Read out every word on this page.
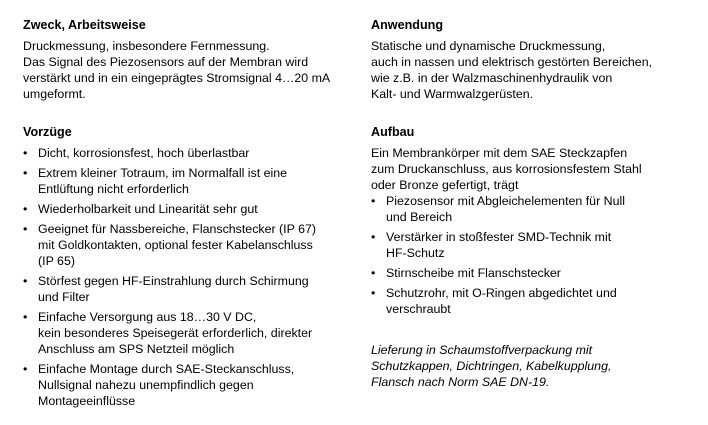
Zweck, Arbeitsweise

Druckmessung, insbesondere Fernmessung.
Das Signal des Piezosensors auf der Membran wird
verstärkt und in ein eingeprägtes Stromsignal 4…20 mA
umgeformt.

Vorzüge
• Dicht, korrosionsfest, hoch überlastbar
• Extrem kleiner Totraum, im Normalfall ist eine
Entlüftung nicht erforderlich
• Wiederholbarkeit und Linearität sehr gut
• Geeignet für Nassbereiche, Flanschstecker (IP 67)
mit Goldkontakten, optional fester Kabelanschluss
(IP 65)
• Störfest gegen HF-Einstrahlung durch Schirmung
und Filter
• Einfache Versorgung aus 18…30 V DC,
kein besonderes Speisegerät erforderlich, direkter
Anschluss am SPS Netzteil möglich
• Einfache Montage durch SAE-Steckanschluss,
Nullsignal nahezu unempfindlich gegen
Montageeinflüsse
Anwendung

Statische und dynamische Druckmessung,
auch in nassen und elektrisch gestörten Bereichen,
wie z.B. in der Walzmaschinenhydraulik von
Kalt- und Warmwalzgerüsten.

Aufbau

Ein Membrankörper mit dem SAE Steckzapfen
zum Druckanschluss, aus korrosionsfestem Stahl
oder Bronze gefertigt, trägt

• Piezosensor mit Abgleichelementen für Null
und Bereich
• Verstärker in stoßfester SMD-Technik mit
HF-Schutz
• Stirnscheibe mit Flanschstecker
• Schutzrohr, mit O-Ringen abgedichtet und
verschraubt

Lieferung in Schaumstoffverpackung mit
Schutzkappen, Dichtringen, Kabelkupplung,
Flansch nach Norm SAE DN-19.
